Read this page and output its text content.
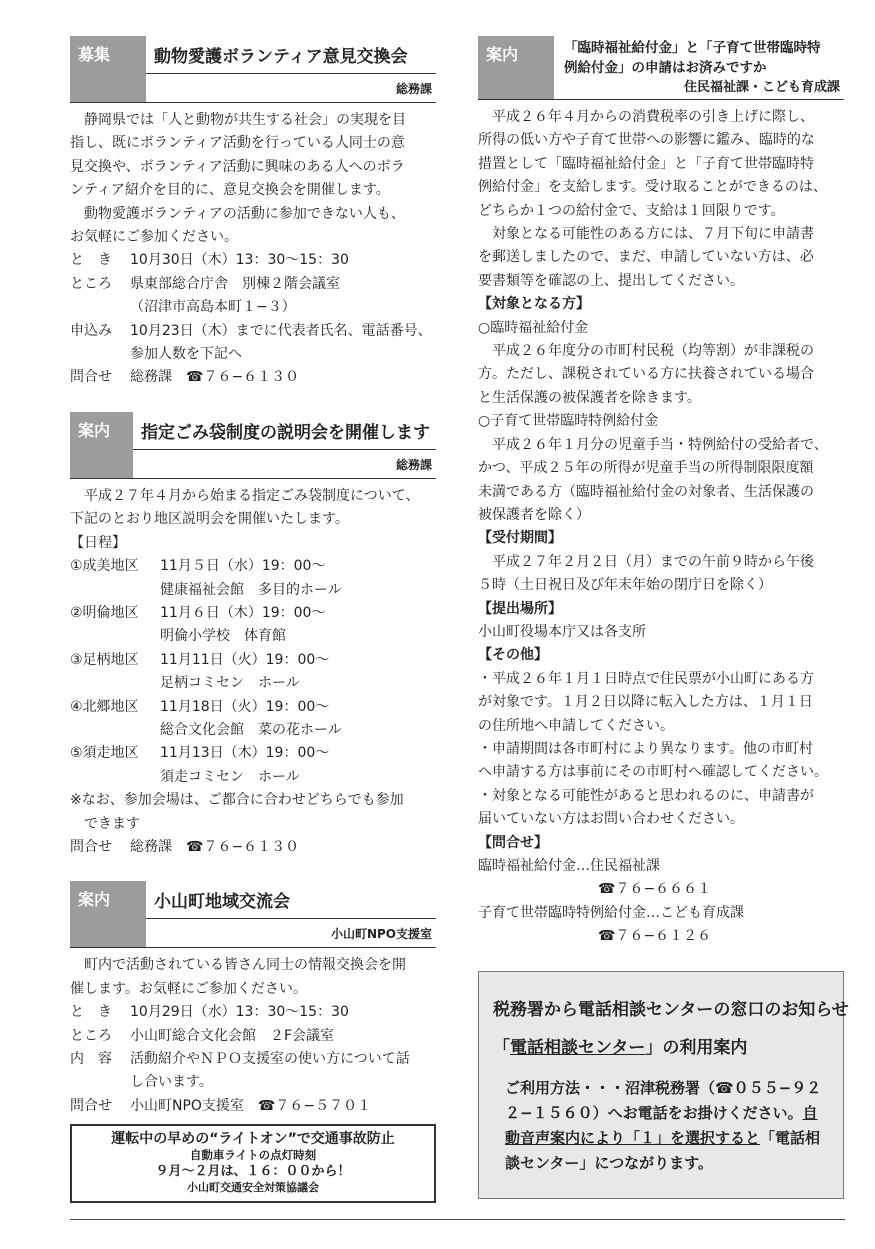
募集	動物愛護ボランティア意見交換会
総務課

静岡県では「人と動物が共生する社会」の実現を目

指し、既にボランティア活動を行っている人同士の意

見交換や、ボランティア活動に興味のある人へのボラ

ンティア紹介を目的に、意見交換会を開催します。

動物愛護ボランティアの活動に参加できない人も、

お気軽にご参加ください。

と　き 10月30日（木）13：30〜15：30

ところ 県東部総合庁舎　別棟２階会議室

（沼津市高島本町１−３）

申込み 10月23日（木）までに代表者氏名、電話番号、

参加人数を下記へ

問合せ 総務課　☎７６−６１３０

案内	指定ごみ袋制度の説明会を開催します
総務課

平成２７年４月から始まる指定ごみ袋制度について、

下記のとおり地区説明会を開催いたします。

【日程】

①成美地区 11月５日（水）19：00〜

健康福祉会館　多目的ホール

②明倫地区 11月６日（木）19：00〜

明倫小学校　体育館

③足柄地区 11月11日（火）19：00〜

足柄コミセン　ホール

④北郷地区 11月18日（火）19：00〜

総合文化会館　菜の花ホール

⑤須走地区 11月13日（木）19：00〜

須走コミセン　ホール

※なお、参加会場は、ご都合に合わせどちらでも参加

できます

問合せ 総務課　☎７６−６１３０

案内	小山町地域交流会
小山町NPO支援室

町内で活動されている皆さん同士の情報交換会を開

催します。お気軽にご参加ください。

と　き 10月29日（水）13：30〜15：30

ところ 小山町総合文化会館　２F会議室

内　容 活動紹介やＮＰＯ支援室の使い方について話

し合います。

問合せ 小山町NPO支援室　☎７６−５７０１

運転中の早めの“ライトオン”で交通事故防止
自動車ライトの点灯時刻
９月〜２月は、１６：００から！
小山町交通安全対策協議会
案内	「臨時福祉給付金」と「子育て世帯臨時特
例給付金」の申請はお済みですか
住民福祉課・こども育成課

平成２６年４月からの消費税率の引き上げに際し、

所得の低い方や子育て世帯への影響に鑑み、臨時的な

措置として「臨時福祉給付金」と「子育て世帯臨時特

例給付金」を支給します。受け取ることができるのは、

どちらか１つの給付金で、支給は１回限りです。

対象となる可能性のある方には、７月下旬に申請書

を郵送しましたので、まだ、申請していない方は、必

要書類等を確認の上、提出してください。

【対象となる方】

○臨時福祉給付金

平成２６年度分の市町村民税（均等割）が非課税の

方。ただし、課税されている方に扶養されている場合

と生活保護の被保護者を除きます。

○子育て世帯臨時特例給付金

平成２６年１月分の児童手当・特例給付の受給者で、

かつ、平成２５年の所得が児童手当の所得制限限度額

未満である方（臨時福祉給付金の対象者、生活保護の

被保護者を除く）

【受付期間】

平成２７年２月２日（月）までの午前９時から午後

５時（土日祝日及び年末年始の閉庁日を除く）

【提出場所】

小山町役場本庁又は各支所

【その他】

・平成２６年１月１日時点で住民票が小山町にある方

が対象です。１月２日以降に転入した方は、１月１日

の住所地へ申請してください。

・申請期間は各市町村により異なります。他の市町村

へ申請する方は事前にその市町村へ確認してください。

・対象となる可能性があると思われるのに、申請書が

届いていない方はお問い合わせください。

【問合せ】

臨時福祉給付金…住民福祉課

☎７６−６６６１

子育て世帯臨時特例給付金…こども育成課

☎７６−６１２６

税務署から電話相談センターの窓口のお知らせ
「電話相談センター」の利用案内
ご利用方法・・・沼津税務署（☎０５５−９２２−１５６０）へお電話をお掛けください。自動音声案内により「１」を選択すると「電話相談センター」につながります。
